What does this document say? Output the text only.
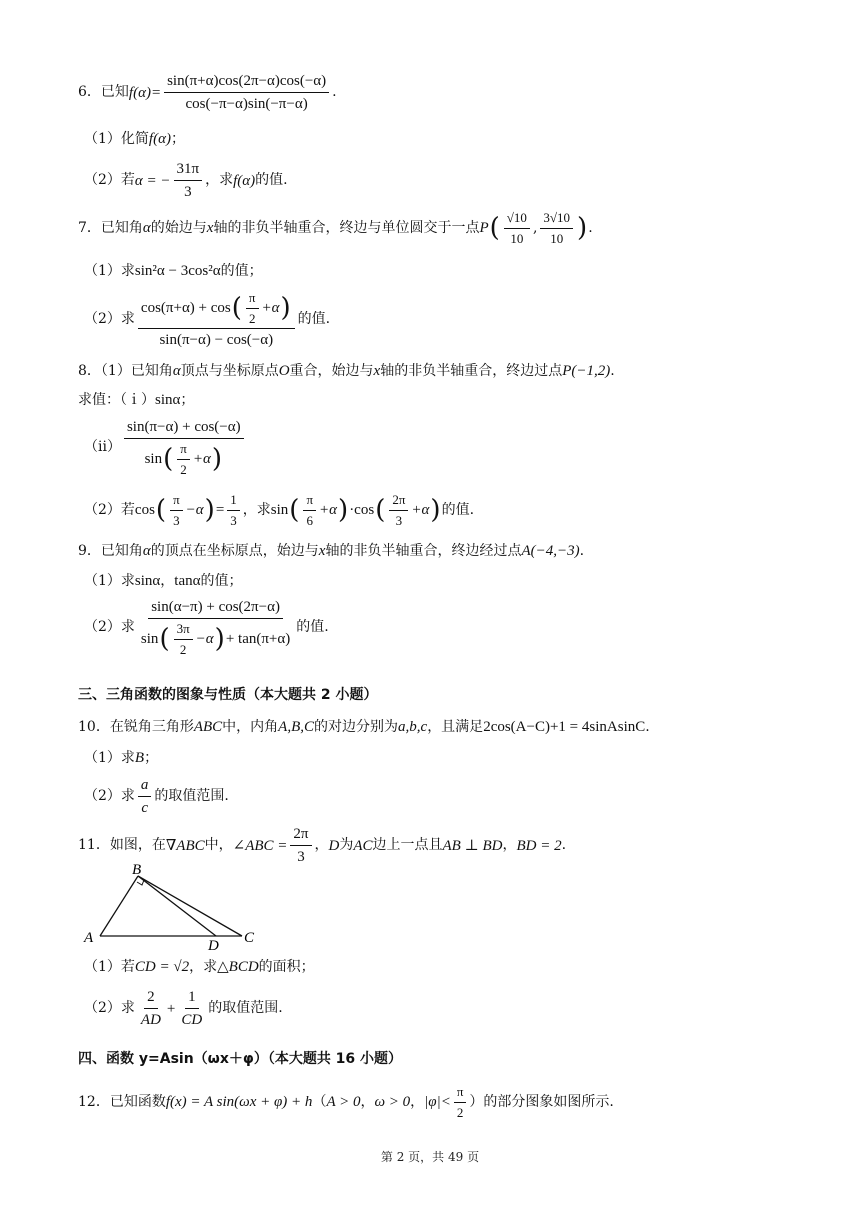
6．已知 $f(\alpha)= \frac{\sin(\pi+\alpha)\cos(2\pi-\alpha)\cos(-\alpha)}{\cos(-\pi-\alpha)\sin(-\pi-\alpha)}$ .
（1）化简 f(α) ；
（2）若 α = − $\frac{31\pi}{3}$ ，求 f(α) 的值.
7．已知角 α 的始边与 x 轴的非负半轴重合，终边与单位圆交于一点 P ( $\frac{√10}{10}$ , $\frac{3√10}{10}$ ) .
（1）求 sin²α − 3cos²α 的值；
（2）求
cos(π+α) + cos ( $\frac{\pi}{2} +\alpha$ )
sin(π−α) − cos(−α)
的值.
8．（1）已知角 α 顶点与坐标原点 O 重合，始边与 x 轴的非负半轴重合，终边过点 P(−1,2) .
求值：（ｉ） sinα ；
（ii）
sin(π−α) + cos(−α)
sin ( $\frac{\pi}{2} +\alpha$ )
（2）若 cos ( $\frac{\pi}{3} -\alpha$ ) = $\frac{1}{3}$ ，求 sin ( $\frac{\pi}{6} +\alpha$ ) ·cos ( $\frac{2\pi}{3} +\alpha$ ) 的值.
9．已知角 α 的顶点在坐标原点，始边与 x 轴的非负半轴重合，终边经过点 A(−4,−3) .
（1）求 sinα ， tanα 的值；
（2）求
sin(α−π) + cos(2π−α)
sin ( $\frac{3\pi}{2} -\alpha$ ) + tan(π+α)
的值.
三、三角函数的图象与性质（本大题共 2 小题）
10．在锐角三角形 ABC 中，内角 A,B,C 的对边分别为 a,b,c ，且满足 2cos(A−C)+1 = 4sinAsinC .
（1）求 B ；
（2）求 $\frac{a}{c}$ 的取值范围.
11．如图，在 ∇ABC 中， ∠ABC = $\frac{2\pi}{3}$ ， D 为 AC 边上一点且 AB ⊥ BD ， BD = 2 .
B
A	D C
（1）若 CD = √2 ，求 △BCD 的面积；
（2）求 $\frac{2}{AD} + \frac{1}{CD}$ 的取值范围.
四、函数 y=Asin（ωx＋φ）（本大题共 16 小题）
12．已知函数 f(x) = A sin(ωx + φ) + h （ A > 0 ， ω > 0 ， $|\varphi|< \frac{\pi}{2}$ ） 的部分图象如图所示.
第 2 页，共 49 页
